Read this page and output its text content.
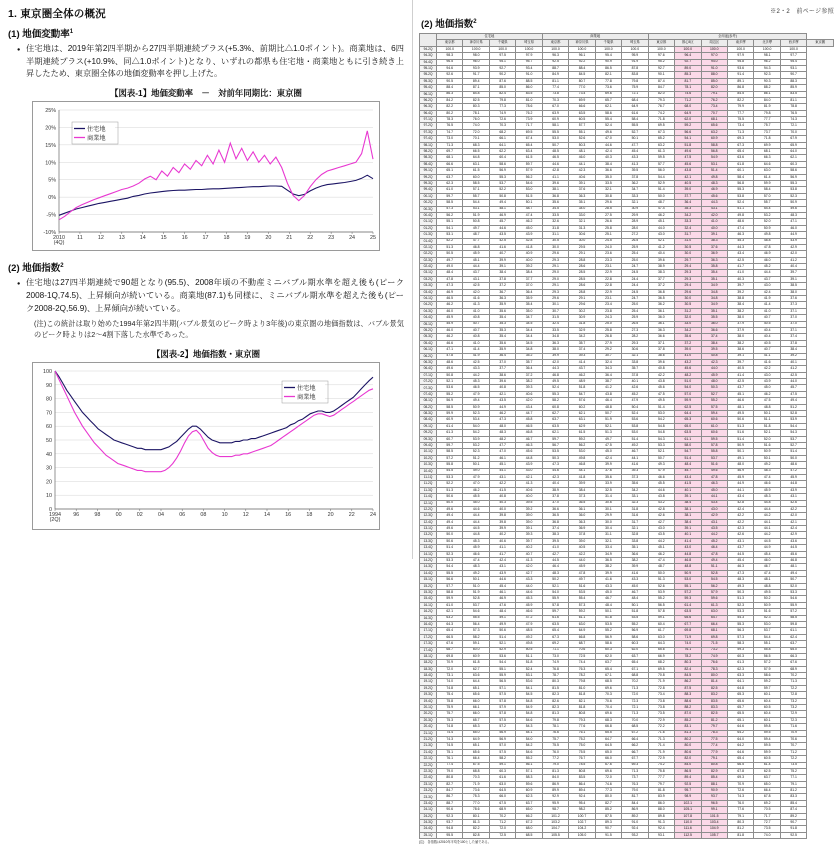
1. 東京圏全体の概況
(1) 地価変動率$^1$
● 住宅地は、2019年第2四半期から27四半期連続プラス(+5.3%、前期比△1.0ポイント)。商業地は、6四半期連続プラス(+10.9%、同△1.0ポイント)となり、いずれの都県も住宅地・商業地ともに引き続き上昇したため、東京圏全体の地価変動率を押し上げた。
【図表-1】地価変動率　－　対前年同期比：東京圏
-10%
-5%
0%
5%
10%
15%
20%
25%
2010
(4Q)
11	12	13	14	15	16	17	18	19	20	21	22	23	24	25
住宅地
商業地
(2) 地価指数$^2$
● 住宅地は27四半期連続で90超となり(95.5)、2008年頃の不動産ミニバブル期水準を超え後も(ピーク2008-1Q,74.5)、上昇傾向が続いている。商業地(87.1)も同様に、ミニバブル期水準を超えた後も(ピーク2008-2Q,56.9)、上昇傾向が続いている。
(注)この統計は取り始めた1994年第2四半期(バブル景気のピーク時より3年後)の東京圏の地価指数は、バブル景気のピーク時よりは2～4割下落した水準であった。
【図表-2】地価指数・東京圏
0
10
20
30
40
50
60
70
80
90
100
1994
(2Q)
96	98	00	02	04	06	08	10	12	14	16	18	20	22	24
住宅地
商業地
※2・2　前ページ参照
(2) 地価指数$^2$
	住宅地				商業地				全用途(参考)						
	東京都	神奈川県	千葉県	埼玉県	東京都	神奈川県	千葉県	埼玉県	東京都	都心5区	周辺区	南多摩	北多摩	西多摩	東京圏
94-2Q	100.0	100.0	100.0	100.0	100.0	100.0	100.0	100.0	100.0	100.0	100.0	100.0	100.0	100.0	
94-3Q	98.3	98.0	97.5	97.9	96.3	96.1	95.4	95.9	97.6	96.4	97.0	97.9	98.1	97.7	
94-4Q	96.5	96.0	95.1	95.7	92.5	92.2	90.9	91.9	95.2	92.7	94.0	95.8	96.2	95.4	
95-1Q	94.6	93.9	92.7	93.4	88.7	88.4	86.5	87.8	92.7	89.0	91.0	93.6	94.3	93.1	
95-2Q	92.6	91.7	90.2	91.0	84.9	84.5	82.1	83.8	90.1	85.3	88.0	91.4	92.3	90.7	
95-3Q	90.5	89.4	87.6	88.5	81.1	80.7	77.8	79.8	87.4	81.7	85.0	89.1	90.3	88.3	
95-4Q	88.4	87.1	85.0	86.0	77.4	77.0	73.6	75.9	84.7	78.1	82.0	86.8	88.2	85.9	
96-1Q	86.3	84.8	82.4	83.5	73.8	73.4	69.6	72.1	82.0	74.6	79.1	84.5	86.1	83.5	
96-2Q	84.2	82.5	79.8	81.0	70.3	69.9	65.7	68.4	79.3	71.2	76.2	82.2	84.0	81.1	
96-3Q	82.2	80.3	77.3	78.6	67.0	66.6	62.1	64.9	76.7	68.0	73.4	79.9	81.9	78.8	
96-4Q	80.2	78.1	74.9	76.2	63.9	63.5	58.6	61.6	74.2	64.9	70.7	77.7	79.8	76.5	
97-1Q	78.3	76.0	72.6	73.9	60.9	60.5	55.4	58.4	71.8	62.0	68.1	75.5	77.7	74.3	
97-2Q	76.5	74.0	70.3	71.7	58.1	57.7	52.4	55.5	69.5	59.2	65.6	73.4	75.7	72.1	
97-3Q	74.7	72.0	68.2	69.5	55.5	55.1	49.6	52.7	67.3	56.6	63.2	71.3	73.7	70.0	
97-4Q	73.0	70.1	66.1	67.4	53.0	52.6	47.0	50.1	65.2	54.1	60.9	69.3	71.8	67.9	
98-1Q	71.3	68.3	64.1	65.4	50.7	50.3	44.6	47.7	63.2	51.8	58.8	67.3	69.9	65.9	
98-2Q	69.7	66.5	62.2	63.4	48.5	48.1	42.4	45.4	61.3	49.6	56.8	65.4	68.1	64.0	
98-3Q	68.1	64.8	60.4	61.5	46.5	46.0	40.3	43.3	59.5	47.5	54.9	63.6	66.3	62.1	
98-4Q	66.6	63.1	58.6	59.7	44.6	44.1	38.4	41.3	57.7	45.6	53.1	61.8	64.6	60.3	
99-1Q	65.1	61.5	56.9	57.9	42.8	42.3	36.6	39.5	56.0	43.8	51.4	60.1	63.0	58.6	
99-2Q	63.7	60.0	55.3	56.2	41.1	40.6	35.0	37.8	54.4	42.1	49.8	58.4	61.4	56.9	
99-3Q	62.3	58.5	53.7	54.6	39.6	39.1	33.5	36.2	52.9	40.5	48.3	56.8	59.9	55.3	
99-4Q	61.0	57.1	52.2	53.0	38.1	37.6	32.1	34.7	51.4	39.0	46.9	55.3	58.4	53.8	
00-1Q	59.7	55.7	50.8	51.5	36.8	36.3	30.8	33.3	50.0	37.7	45.6	53.8	57.0	52.3	
00-2Q	58.5	54.4	49.4	50.1	35.6	35.1	29.6	32.1	48.7	36.4	44.3	52.4	55.7	50.9	
00-3Q	57.3	53.1	48.1	48.7	34.5	34.0	28.5	30.9	47.4	35.3	43.1	51.1	54.4	49.6	
00-4Q	56.2	51.9	46.9	47.4	33.5	33.0	27.5	29.9	46.2	34.2	42.0	49.8	53.2	48.3	
01-1Q	55.1	50.8	45.7	46.2	32.6	32.1	26.6	28.9	45.1	33.3	41.0	48.6	52.0	47.1	
01-2Q	54.1	49.7	44.6	45.0	31.8	31.3	25.8	28.0	44.0	32.4	40.0	47.4	50.9	46.0	
01-3Q	53.1	48.7	43.5	43.9	31.1	30.6	25.1	27.2	43.0	31.7	39.1	46.3	49.8	44.9	
01-4Q	52.2	47.7	42.5	42.8	30.5	30.0	24.5	26.5	42.1	31.0	38.3	45.3	48.8	43.9	
02-1Q	51.3	46.8	41.6	41.8	30.0	29.5	24.0	25.9	41.2	30.5	37.6	44.3	47.8	42.9	
02-2Q	50.5	45.9	40.7	40.9	29.6	29.1	23.6	25.4	40.4	30.0	36.9	43.4	46.9	42.0	
02-3Q	49.7	45.1	39.9	40.0	29.3	28.8	23.3	25.0	39.6	29.7	36.3	42.5	46.0	41.2	
02-4Q	49.0	44.4	39.1	39.2	29.1	28.6	23.1	24.7	38.9	29.4	35.8	41.7	45.2	40.4	
03-1Q	48.4	43.7	38.4	38.4	29.0	28.5	22.9	24.5	38.3	29.3	35.4	41.0	44.4	39.7	
03-2Q	47.8	43.1	37.8	37.7	29.0	28.5	22.8	24.4	37.7	29.3	35.1	40.3	43.7	39.1	
03-3Q	47.3	42.5	37.2	37.0	29.1	28.6	22.8	24.4	37.2	29.4	34.9	39.7	43.0	38.5	
03-4Q	46.9	42.0	36.7	36.4	29.3	28.8	22.9	24.5	36.8	29.6	34.8	39.2	42.4	38.0	
04-1Q	46.5	41.6	36.3	35.9	29.6	29.1	23.1	24.7	36.5	30.0	34.8	38.8	41.9	37.6	
04-2Q	46.2	41.3	35.9	35.4	30.1	29.6	23.4	25.0	36.2	30.5	34.9	38.4	41.4	37.3	
04-3Q	46.0	41.0	35.6	35.0	30.7	30.2	23.8	25.4	36.1	31.2	35.1	38.2	41.0	37.1	
04-4Q	45.9	40.8	35.4	34.7	31.5	30.9	24.3	25.9	36.0	32.0	35.5	38.0	40.7	37.0	
05-1Q	45.9	40.7	35.3	34.5	32.4	31.8	25.0	26.5	36.1	33.0	36.0	37.9	40.5	37.0	
05-2Q	46.0	40.7	35.3	34.4	33.5	32.9	25.8	27.3	36.3	34.2	36.6	37.9	40.4	37.1	
05-3Q	46.2	40.8	35.4	34.4	34.8	34.2	26.8	28.2	36.6	35.6	37.4	38.0	40.4	37.4	
05-4Q	46.6	41.0	35.6	34.5	36.3	35.7	27.9	29.3	37.1	37.2	38.4	38.2	40.5	37.8	
06-1Q	47.1	41.4	35.9	34.8	38.0	37.4	29.2	30.6	37.8	39.0	39.5	38.6	40.7	38.4	
06-2Q	47.8	41.9	36.4	35.2	39.9	39.3	30.7	32.1	38.6	41.0	40.8	39.1	41.1	39.2	
06-3Q	48.6	42.5	37.0	35.7	42.0	41.4	32.4	33.8	39.6	43.2	42.3	39.7	41.6	40.1	
06-4Q	49.6	43.3	37.7	36.4	44.3	43.7	34.3	35.7	40.8	45.6	44.0	40.5	42.2	41.2	
07-1Q	50.8	44.2	38.6	37.2	46.8	46.2	36.4	37.8	42.2	48.2	45.9	41.4	43.0	42.5	
07-2Q	52.1	45.3	39.6	38.2	49.5	48.9	38.7	40.1	43.8	51.0	48.0	42.5	43.9	44.0	
07-3Q	53.6	46.5	40.8	39.3	52.4	51.8	41.2	42.6	45.6	54.0	50.3	43.7	45.0	45.7	
07-4Q	55.2	47.9	42.1	40.6	55.3	54.7	43.8	45.2	47.5	57.0	52.7	45.1	46.2	47.5	
08-1Q	56.9	49.4	43.5	42.0	58.2	57.6	46.4	47.9	49.5	59.9	55.2	46.6	47.5	49.4	
08-2Q	58.5	50.9	44.9	43.4	60.8	60.2	48.8	50.4	51.4	62.5	57.5	48.1	48.8	51.2	
08-3Q	59.9	52.3	46.2	44.7	62.7	62.1	50.7	52.4	53.0	64.4	59.4	49.5	50.1	52.8	
08-4Q	60.9	53.4	47.3	45.8	63.7	63.1	51.9	53.6	54.2	65.3	60.6	50.6	51.1	53.9	
09-1Q	61.4	54.0	48.0	46.5	63.5	62.9	52.1	53.8	54.8	65.0	61.0	51.3	51.8	54.4	
09-2Q	61.3	54.2	48.3	46.8	62.1	61.5	51.3	53.0	54.8	63.5	60.6	51.6	52.1	54.3	
09-3Q	60.7	53.9	48.2	46.7	59.7	59.2	49.7	51.4	54.3	61.1	59.5	51.4	52.0	53.7	
09-4Q	59.7	53.2	47.7	46.3	56.7	56.2	47.5	49.2	53.3	58.0	57.8	50.9	51.6	52.7	
10-1Q	58.5	52.3	47.0	45.6	53.5	53.0	45.0	46.7	52.1	54.7	55.8	50.1	50.9	51.4	
10-2Q	57.2	51.2	46.1	44.8	50.3	49.8	42.4	44.1	50.7	51.4	53.7	49.1	50.1	50.0	
10-3Q	55.8	50.1	45.1	43.9	47.3	46.8	39.9	41.6	49.3	48.4	51.6	48.0	49.2	48.6	
10-4Q	54.5	49.0	44.1	43.0	44.6	44.1	37.6	39.3	47.9	45.7	49.6	46.9	48.3	47.2	
11-1Q	53.3	47.9	43.1	42.1	42.3	41.8	35.6	37.3	46.6	43.4	47.8	45.9	47.4	45.9	
11-2Q	52.2	47.0	42.2	41.3	40.4	39.9	33.9	35.6	45.5	41.5	46.3	44.9	46.6	44.8	
11-3Q	51.3	46.2	41.5	40.6	38.9	38.4	32.5	34.2	44.6	40.1	45.0	44.1	45.9	43.9	
11-4Q	50.6	45.5	40.8	40.0	37.8	37.3	31.4	33.1	43.8	39.1	44.1	43.4	45.3	43.1	
12-1Q	50.0	45.0	40.3	39.5	37.0	36.5	30.6	32.3	43.2	38.4	43.4	42.8	44.8	42.6	
12-2Q	49.6	44.6	40.0	39.2	36.6	36.1	30.1	31.8	42.8	38.1	43.0	42.4	44.4	42.2	
12-3Q	49.4	44.4	39.8	39.0	36.5	36.0	29.9	31.6	42.6	38.1	42.9	42.2	44.2	42.0	
12-4Q	49.4	44.4	39.8	39.0	36.8	36.3	30.0	31.7	42.7	38.4	43.1	42.2	44.1	42.1	
13-1Q	49.6	44.5	39.9	39.1	37.4	36.9	30.4	32.1	43.0	39.1	43.5	42.3	44.1	42.4	
13-2Q	50.0	44.8	40.2	39.3	38.3	37.8	31.1	32.8	43.5	40.1	44.2	42.6	44.2	42.9	
13-3Q	50.6	45.3	40.6	39.7	39.5	39.0	32.1	33.8	44.2	41.4	45.2	43.1	44.5	43.6	
13-4Q	51.4	45.9	41.1	40.2	41.0	40.5	33.4	35.1	45.1	43.0	46.4	43.7	44.9	44.5	
14-1Q	52.3	46.6	41.7	40.7	42.7	42.2	34.9	36.6	46.2	44.8	47.8	44.5	45.4	45.6	
14-2Q	53.3	47.4	42.4	41.3	44.5	44.0	36.5	38.2	47.4	46.8	49.4	45.4	46.0	46.8	
14-3Q	54.4	48.3	43.1	42.0	46.4	45.9	38.2	39.9	48.7	48.8	51.1	46.3	46.7	48.1	
14-4Q	55.5	49.2	43.9	42.7	48.3	47.8	39.9	41.6	50.0	50.9	52.8	47.3	47.4	49.4	
15-1Q	56.6	50.1	44.6	43.3	50.2	49.7	41.6	43.3	51.3	53.0	54.5	48.3	48.1	50.7	
15-2Q	57.7	51.0	45.4	44.0	52.1	51.6	43.3	45.0	52.6	55.1	56.2	49.3	48.8	52.0	
15-3Q	58.8	51.9	46.1	44.6	54.0	53.5	45.0	46.7	53.9	57.2	57.9	50.3	49.5	53.3	
15-4Q	59.9	52.8	46.9	45.3	55.9	55.4	46.7	48.4	55.2	59.3	59.6	51.3	50.2	54.6	
16-1Q	61.0	53.7	47.6	45.9	57.8	57.3	48.4	50.1	56.5	61.4	61.3	52.3	50.9	55.9	
16-2Q	62.1	54.6	48.4	46.6	59.7	59.2	50.1	51.8	57.8	63.5	63.0	53.3	51.6	57.2	
16-3Q	63.2	55.5	49.1	47.2	61.6	61.1	51.8	53.5	59.1	65.6	64.7	54.3	52.3	58.5	
16-4Q	64.3	56.4	49.9	47.9	63.5	63.0	53.5	55.2	60.4	67.7	66.4	55.3	53.0	59.8	
17-1Q	65.4	57.3	50.6	48.5	65.4	64.9	55.2	56.9	61.7	69.8	68.1	56.3	53.7	61.1	
17-2Q	66.5	58.2	51.4	49.2	67.3	66.8	56.9	58.6	63.0	71.9	69.8	57.3	54.4	62.4	
17-3Q	67.6	59.1	52.1	49.8	69.2	68.7	58.6	60.3	64.3	74.0	71.5	58.3	55.1	63.7	
17-4Q	68.7	60.0	52.9	50.5	71.1	70.6	60.3	62.0	65.6	76.1	73.2	59.3	55.8	65.0	
18-1Q	69.8	60.9	53.6	51.1	73.0	72.5	62.0	63.7	66.9	78.2	74.9	60.3	56.5	66.3	
18-2Q	70.9	61.8	54.4	51.8	74.9	74.4	63.7	65.4	68.2	80.3	76.6	61.3	57.2	67.6	
18-3Q	72.0	62.7	55.1	52.4	76.8	76.3	65.4	67.1	69.5	82.4	78.3	62.3	57.9	68.9	
18-4Q	73.1	63.6	55.9	53.1	78.7	78.2	67.1	68.8	70.8	84.5	80.0	63.3	58.6	70.2	
19-1Q	74.0	64.4	56.5	53.6	80.3	79.8	68.5	70.2	71.9	86.2	81.4	64.1	59.2	71.3	
19-2Q	74.8	65.1	57.1	54.1	81.5	81.0	69.6	71.3	72.8	87.5	82.5	64.8	59.7	72.2	
19-3Q	75.4	65.6	57.5	54.5	82.3	81.8	70.3	72.0	73.4	88.3	83.2	65.3	60.1	72.8	
19-4Q	75.8	66.0	57.8	54.8	82.6	82.1	70.6	72.3	73.8	88.6	83.5	65.6	60.4	73.2	
20-1Q	75.9	66.1	57.9	54.9	82.3	81.8	70.4	72.1	73.8	88.2	83.3	65.7	60.5	73.2	
20-2Q	75.7	66.0	57.8	54.8	81.3	80.8	69.6	71.3	73.5	87.0	82.5	65.5	60.4	72.9	
20-3Q	75.3	65.7	57.5	54.6	79.8	79.3	68.3	70.0	72.9	85.2	81.2	65.1	60.1	72.3	
20-4Q	74.8	65.3	57.2	54.3	78.1	77.6	66.8	68.5	72.2	83.1	79.7	64.6	59.8	71.6	
21-1Q	74.4	65.0	56.9	54.1	76.6	76.1	65.5	67.2	71.6	81.3	78.3	64.2	59.5	70.9	
21-2Q	74.3	64.9	56.9	54.0	75.7	75.2	64.7	66.4	71.3	80.2	77.5	64.0	59.4	70.6	
21-3Q	74.5	65.1	57.0	54.2	75.5	75.0	64.5	66.2	71.4	80.0	77.4	64.2	59.5	70.7	
21-4Q	75.1	65.6	57.5	54.6	76.0	75.5	65.0	66.7	71.9	80.6	77.9	64.6	59.9	71.2	
22-1Q	76.1	66.4	58.2	55.2	77.2	76.7	66.0	67.7	72.9	82.0	79.1	65.4	60.5	72.2	
22-2Q	77.4	67.5	59.1	56.1	79.0	78.5	67.6	69.3	74.2	84.0	80.8	66.5	61.4	73.5	
22-3Q	79.0	68.8	60.3	57.1	81.3	80.8	69.6	71.3	75.8	86.5	82.9	67.8	62.5	75.2	
22-4Q	80.8	70.3	61.6	58.3	84.0	83.5	72.0	73.7	77.7	89.4	85.4	69.3	63.7	77.1	
23-1Q	82.7	71.9	63.0	59.6	86.9	86.4	74.6	76.3	79.7	92.5	88.1	70.9	65.0	79.1	
23-2Q	84.7	73.6	64.5	60.9	89.9	89.4	77.3	79.0	81.8	95.7	90.9	72.6	66.4	81.2	
23-3Q	86.7	75.3	66.0	62.3	92.9	92.4	80.0	81.7	83.9	98.9	93.7	74.3	67.8	83.3	
23-4Q	88.7	77.0	67.5	63.7	95.9	95.4	82.7	84.4	86.0	102.1	96.5	76.0	69.2	85.4	
24-1Q	90.6	78.6	68.9	65.0	98.7	98.2	85.2	86.9	88.0	105.1	99.1	77.6	70.5	87.4	
24-2Q	92.3	80.1	70.2	66.2	101.2	100.7	87.5	89.2	89.8	107.8	101.5	79.1	71.7	89.2	
24-3Q	93.7	81.3	71.2	67.2	103.2	102.7	89.3	91.0	91.3	110.0	103.4	80.3	72.7	90.7	
24-4Q	94.8	82.2	72.0	68.0	104.7	104.2	90.7	92.4	92.4	111.6	104.9	81.2	73.5	91.8	
25-1Q	95.5	82.8	72.5	68.5	105.5	105.0	91.5	93.2	93.1	112.5	105.7	81.8	74.0	92.5	
(注)　各指数は2010年平均を100とした値である。
